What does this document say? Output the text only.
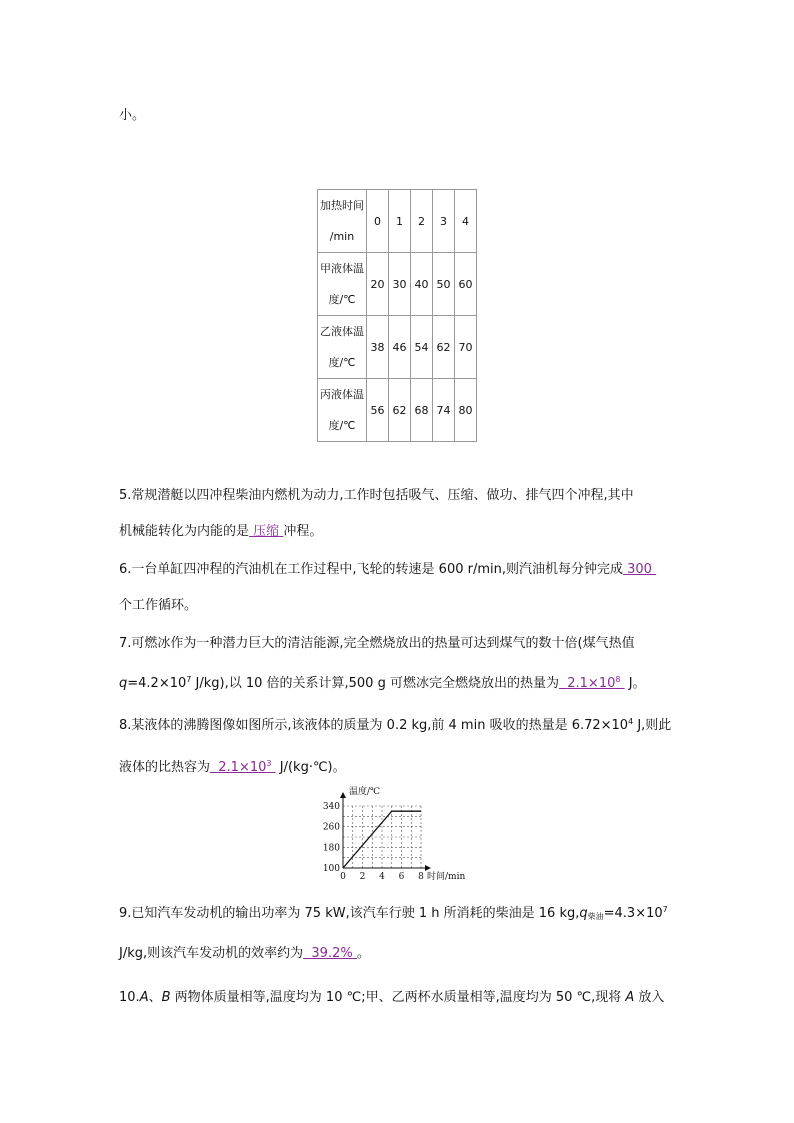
小。
加热时间
/min	0	1	2	3	4
甲液体温
度/℃	20	30	40	50	60
乙液体温
度/℃	38	46	54	62	70
丙液体温
度/℃	56	62	68	74	80
5.常规潜艇以四冲程柴油内燃机为动力,工作时包括吸气、压缩、做功、排气四个冲程,其中
机械能转化为内能的是 压缩 冲程。
6.一台单缸四冲程的汽油机在工作过程中,飞轮的转速是 600 r/min,则汽油机每分钟完成 300
个工作循环。
7.可燃冰作为一种潜力巨大的清洁能源,完全燃烧放出的热量可达到煤气的数十倍(煤气热值
$q=4.2\times 10^7$ J/kg),以 10 倍的关系计算,500 g 可燃冰完全燃烧放出的热量为 $2.1\times 10^8$  J。
8.某液体的沸腾图像如图所示,该液体的质量为 0.2 kg,前 4 min 吸收的热量是 $6.72\times 10^4$ J,则此
液体的比热容为 $2.1\times 10^3$  J/(kg·℃)。
100
180
260
340
0 2 4 6 8
温度/℃
时间/min
9.已知汽车发动机的输出功率为 75 kW,该汽车行驶 1 h 所消耗的柴油是 16 $kg,q_{柴油}=4.3\times 10^7$
J/kg,则该汽车发动机的效率约为 39.2% 。
10.A、B 两物体质量相等,温度均为 10 ℃;甲、乙两杯水质量相等,温度均为 50 ℃,现将 A 放入
